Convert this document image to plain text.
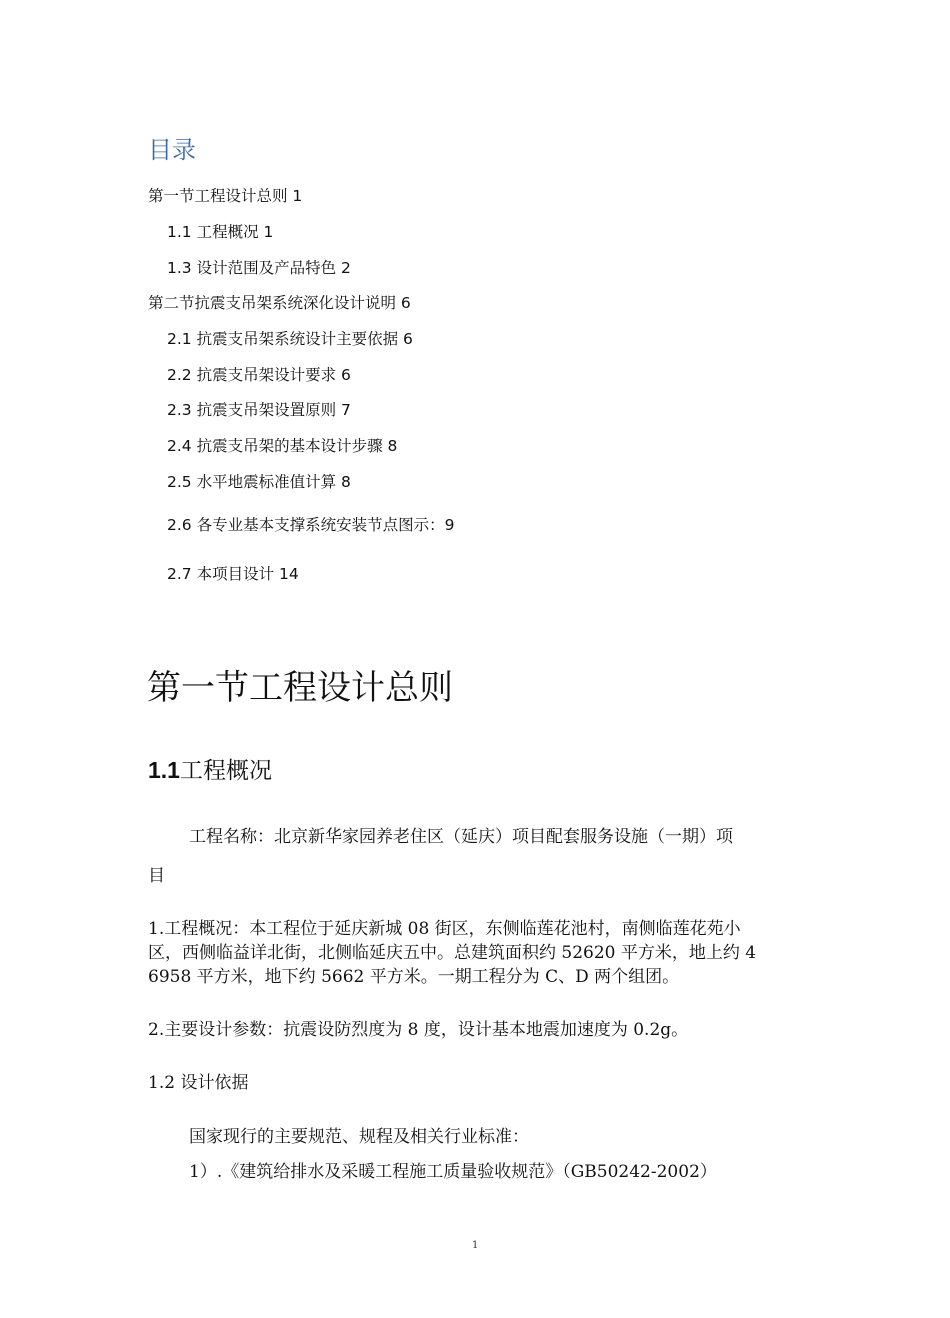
目录
第一节工程设计总则 1
1.1 工程概况 1
1.3 设计范围及产品特色 2
第二节抗震支吊架系统深化设计说明 6
2.1 抗震支吊架系统设计主要依据 6
2.2 抗震支吊架设计要求 6
2.3 抗震支吊架设置原则 7
2.4 抗震支吊架的基本设计步骤 8
2.5 水平地震标准值计算 8
2.6 各专业基本支撑系统安装节点图示：9
2.7 本项目设计 14
第一节工程设计总则
1.1工程概况
工程名称：北京新华家园养老住区（延庆）项目配套服务设施（一期）项
目
1.工程概况：本工程位于延庆新城 08 街区，东侧临莲花池村，南侧临莲花苑小
区，西侧临益详北街，北侧临延庆五中。总建筑面积约 52620 平方米，地上约 4
6958 平方米，地下约 5662 平方米。一期工程分为 C、D 两个组团。
2.主要设计参数：抗震设防烈度为 8 度，设计基本地震加速度为 0.2g。
1.2 设计依据
国家现行的主要规范、规程及相关行业标准：
1）.《建筑给排水及采暖工程施工质量验收规范》（GB50242-2002）
1
